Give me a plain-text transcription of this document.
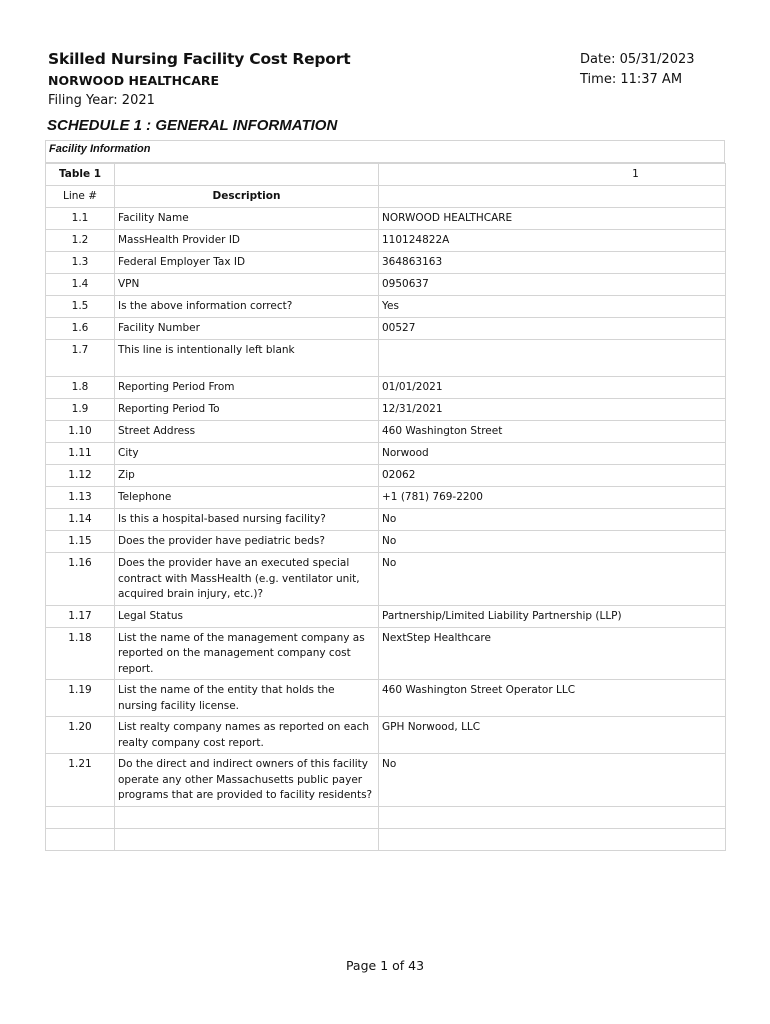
Skilled Nursing Facility Cost Report
NORWOOD HEALTHCARE
Filing Year: 2021
Date: 05/31/2023
Time: 11:37 AM
SCHEDULE 1 : GENERAL INFORMATION
Facility Information
Table 1		1
Line #	Description	
1.1	Facility Name	NORWOOD HEALTHCARE
1.2	MassHealth Provider ID	110124822A
1.3	Federal Employer Tax ID	364863163
1.4	VPN	0950637
1.5	Is the above information correct?	Yes
1.6	Facility Number	00527
1.7	This line is intentionally left blank	
1.8	Reporting Period From	01/01/2021
1.9	Reporting Period To	12/31/2021
1.10	Street Address	460 Washington Street
1.11	City	Norwood
1.12	Zip	02062
1.13	Telephone	+1 (781) 769-2200
1.14	Is this a hospital-based nursing facility?	No
1.15	Does the provider have pediatric beds?	No
1.16	Does the provider have an executed special contract with MassHealth (e.g. ventilator unit, acquired brain injury, etc.)?	No
1.17	Legal Status	Partnership/Limited Liability Partnership (LLP)
1.18	List the name of the management company as reported on the management company cost report.	NextStep Healthcare
1.19	List the name of the entity that holds the nursing facility license.	460 Washington Street Operator LLC
1.20	List realty company names as reported on each realty company cost report.	GPH Norwood, LLC
1.21	Do the direct and indirect owners of this facility operate any other Massachusetts public payer programs that are provided to facility residents?	No

Page 1 of 43
